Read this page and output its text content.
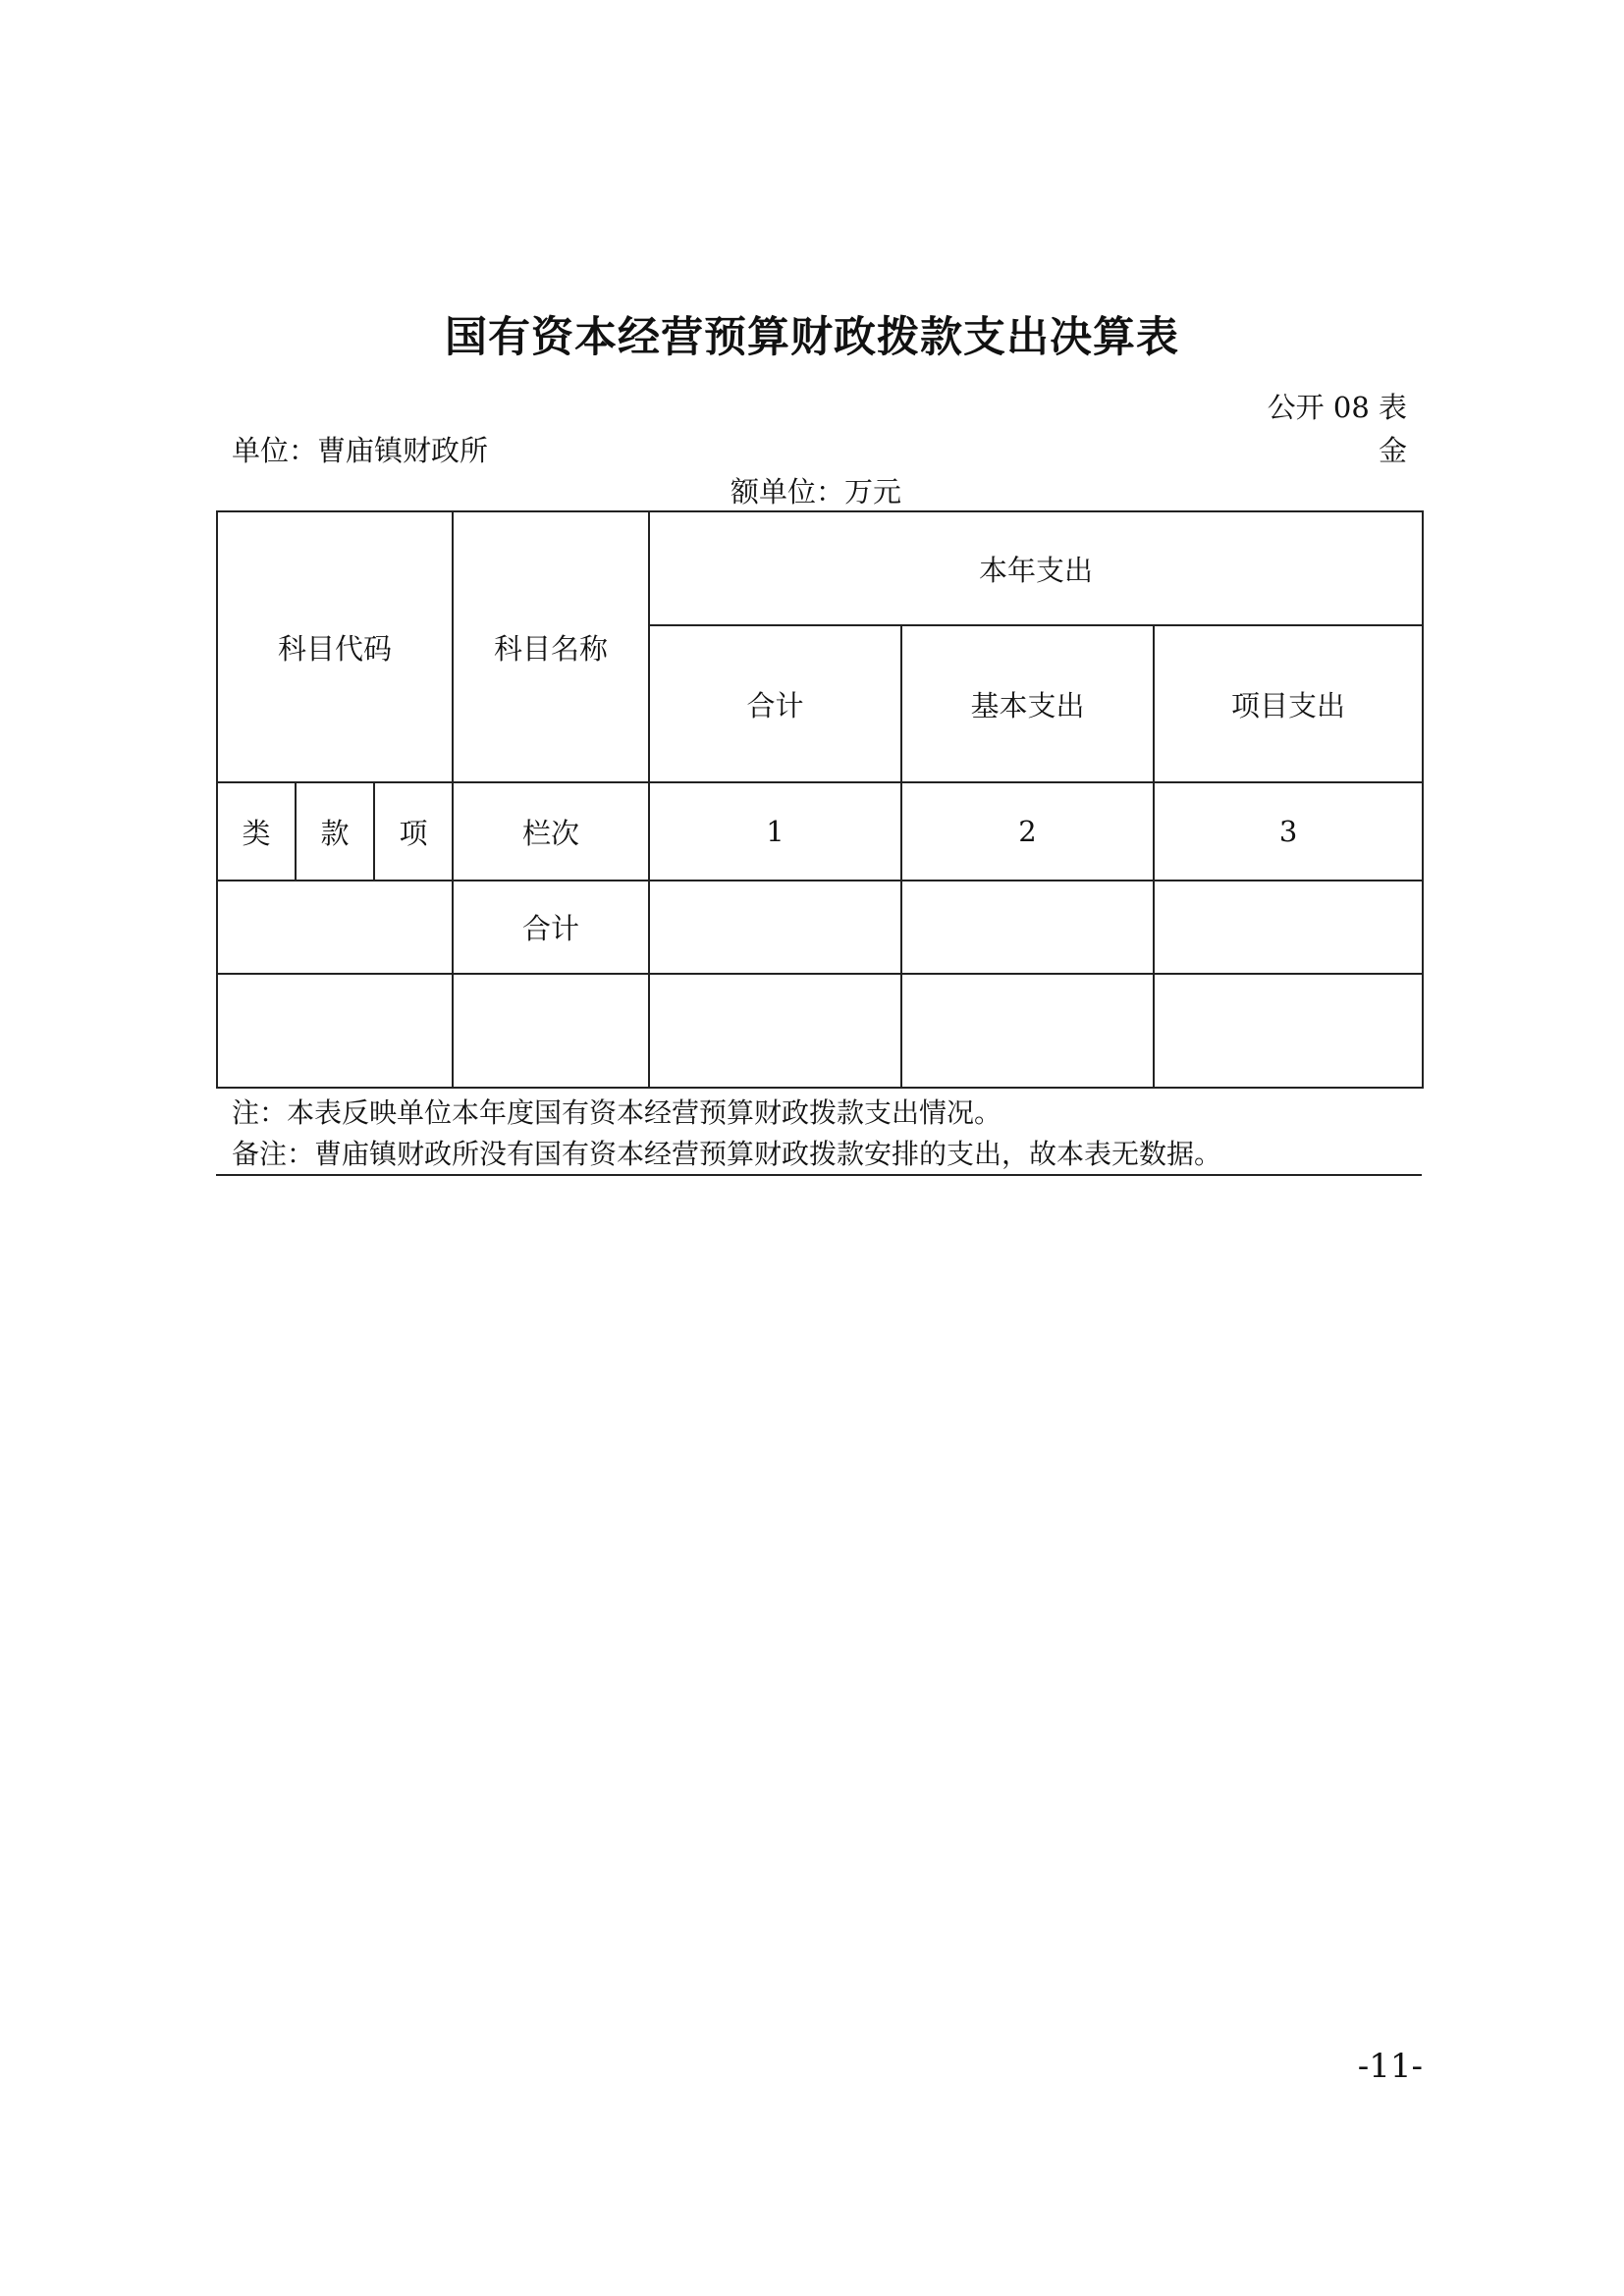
国有资本经营预算财政拨款支出决算表
公开 08 表
单位：曹庙镇财政所	金
额单位：万元
科目代码			科目名称	本年支出		
				合计	基本支出	项目支出
类	款	项	栏次	1	2	3
			合计			

注：本表反映单位本年度国有资本经营预算财政拨款支出情况。
备注：曹庙镇财政所没有国有资本经营预算财政拨款安排的支出，故本表无数据。
-11-
